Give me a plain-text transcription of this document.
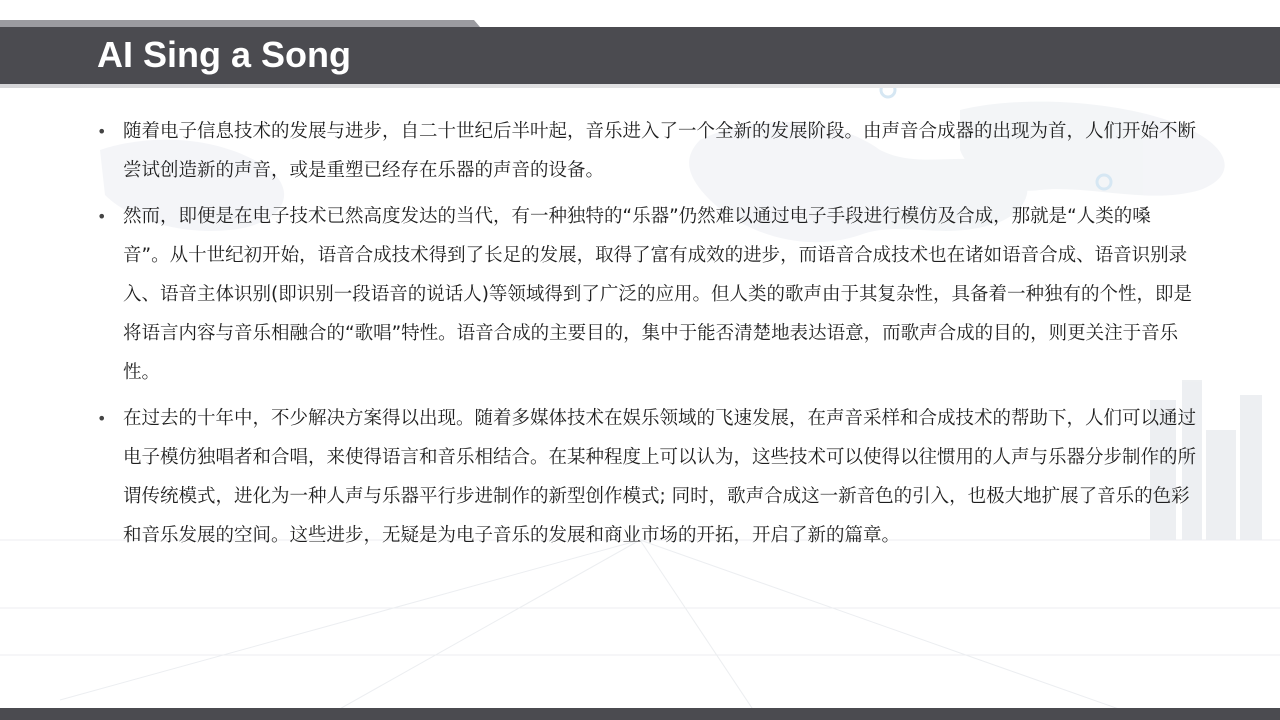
AI Sing a Song
• 随着电子信息技术的发展与进步，自二十世纪后半叶起，音乐进入了一个全新的发展阶段。由声音合成器的出现为首，人们开始不断尝试创造新的声音，或是重塑已经存在乐器的声音的设备。
• 然而，即便是在电子技术已然高度发达的当代，有一种独特的“乐器”仍然难以通过电子手段进行模仿及合成，那就是“人类的嗓音”。从十世纪初开始，语音合成技术得到了长足的发展，取得了富有成效的进步，而语音合成技术也在诸如语音合成、语音识别录入、语音主体识别(即识别一段语音的说话人)等领域得到了广泛的应用。但人类的歌声由于其复杂性，具备着一种独有的个性，即是将语言内容与音乐相融合的“歌唱”特性。语音合成的主要目的，集中于能否清楚地表达语意，而歌声合成的目的，则更关注于音乐性。
• 在过去的十年中，不少解决方案得以出现。随着多媒体技术在娱乐领域的飞速发展，在声音采样和合成技术的帮助下，人们可以通过电子模仿独唱者和合唱，来使得语言和音乐相结合。在某种程度上可以认为，这些技术可以使得以往惯用的人声与乐器分步制作的所谓传统模式，进化为一种人声与乐器平行步进制作的新型创作模式; 同时，歌声合成这一新音色的引入，也极大地扩展了音乐的色彩和音乐发展的空间。这些进步，无疑是为电子音乐的发展和商业市场的开拓，开启了新的篇章。
